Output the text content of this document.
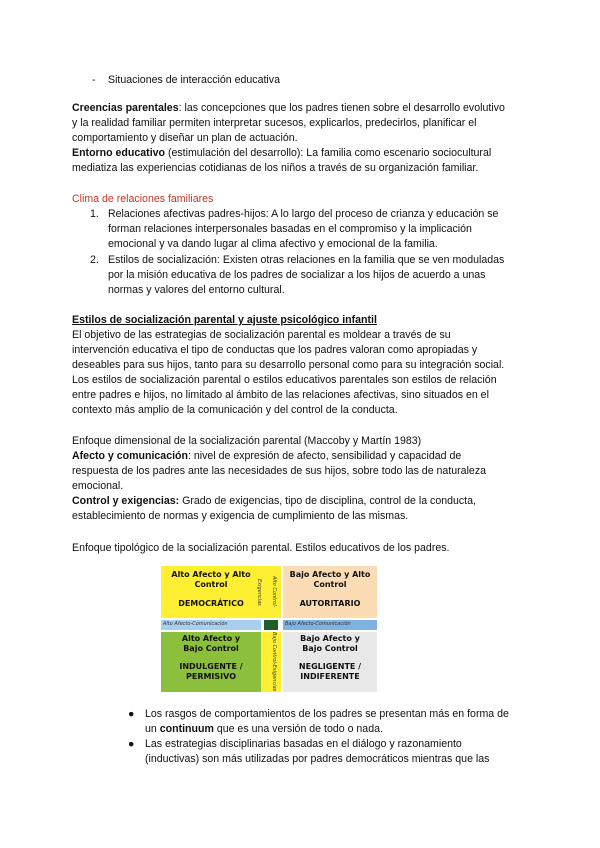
- Situaciones de interacción educativa
Creencias parentales: las concepciones que los padres tienen sobre el desarrollo evolutivo
y la realidad familiar permiten interpretar sucesos, explicarlos, predecirlos, planificar el
comportamiento y diseñar un plan de actuación.
Entorno educativo (estimulación del desarrollo): La familia como escenario sociocultural
mediatiza las experiencias cotidianas de los niños a través de su organización familiar.
Clima de relaciones familiares
1. Relaciones afectivas padres-hijos: A lo largo del proceso de crianza y educación se
forman relaciones interpersonales basadas en el compromiso y la implicación
emocional y va dando lugar al clima afectivo y emocional de la familia.
2. Estilos de socialización: Existen otras relaciones en la familia que se ven moduladas
por la misión educativa de los padres de socializar a los hijos de acuerdo a unas
normas y valores del entorno cultural.
Estilos de socialización parental y ajuste psicológico infantil
El objetivo de las estrategias de socialización parental es moldear a través de su
intervención educativa el tipo de conductas que los padres valoran como apropiadas y
deseables para sus hijos, tanto para su desarrollo personal como para su integración social.
Los estilos de socialización parental o estilos educativos parentales son estilos de relación
entre padres e hijos, no limitado al ámbito de las relaciones afectivas, sino situados en el
contexto más amplio de la comunicación y del control de la conducta.
Enfoque dimensional de la socialización parental (Maccoby y Martín 1983)
Afecto y comunicación: nivel de expresión de afecto, sensibilidad y capacidad de
respuesta de los padres ante las necesidades de sus hijos, sobre todo las de naturaleza
emocional.
Control y exigencias: Grado de exigencias, tipo de disciplina, control de la conducta,
establecimiento de normas y exigencia de cumplimiento de las mismas.
Enfoque tipológico de la socialización parental. Estilos educativos de los padres.
Alto Afecto y Alto
Control
DEMOCRÁTICO	Alto Control-Exigencias
Bajo Afecto y Alto
Control
AUTORITARIO
Alto Afecto-Comunicación	Bajo Afecto-Comunicación
Alto Afecto y
Bajo Control
INDULGENTE /
PERMISIVO	Bajo Control-Exigencias	Bajo Afecto y
Bajo Control
NEGLIGENTE /
INDIFERENTE
● Los rasgos de comportamientos de los padres se presentan más en forma de
un continuum que es una versión de todo o nada.
● Las estrategias disciplinarias basadas en el diálogo y razonamiento
(inductivas) son más utilizadas por padres democráticos mientras que las
